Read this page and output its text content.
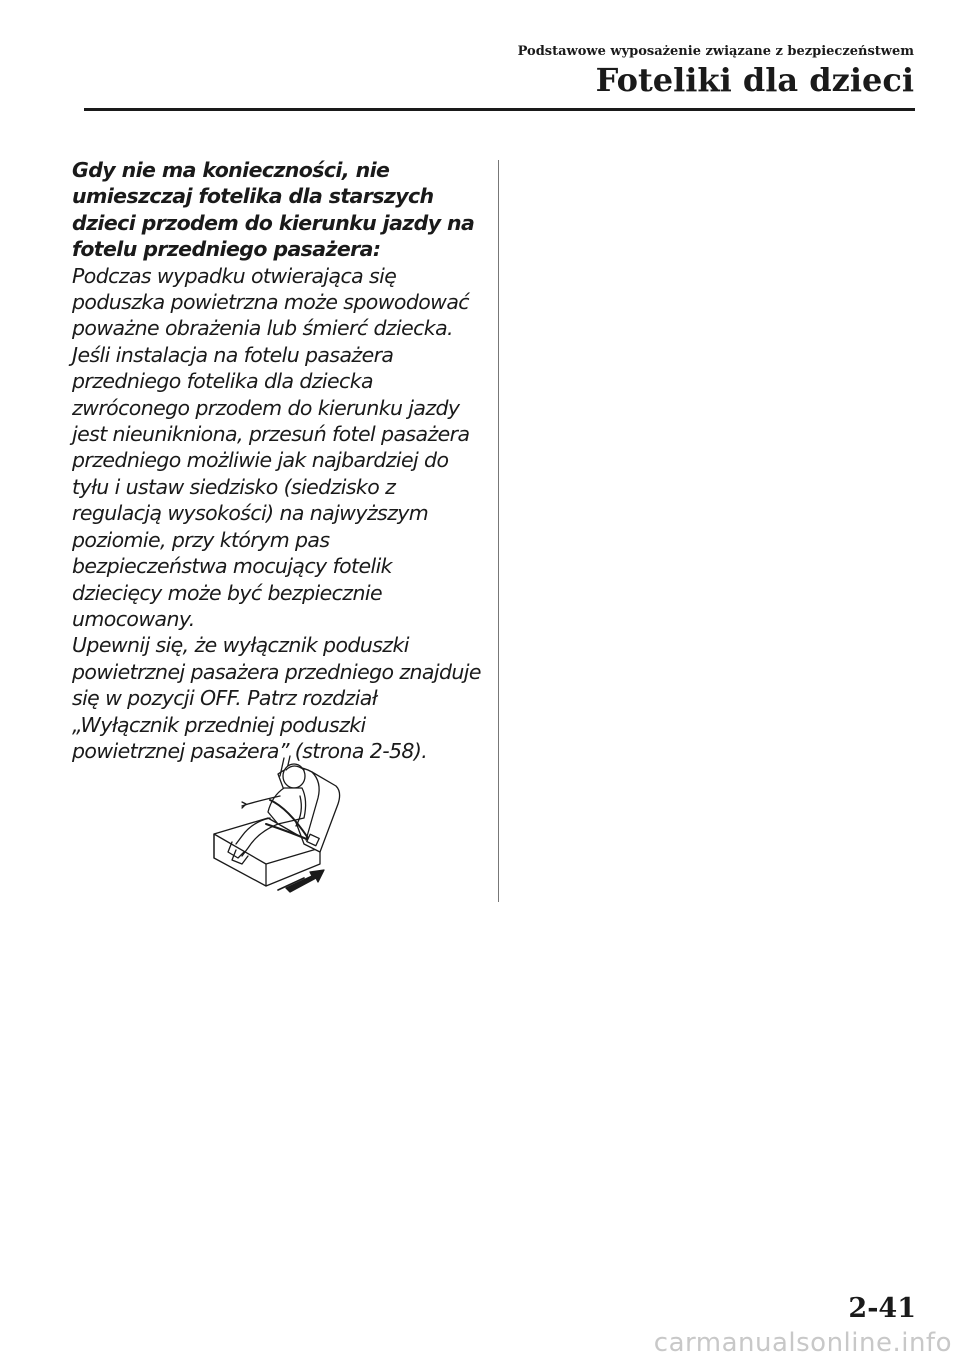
Podstawowe wyposażenie związane z bezpieczeństwem
Foteliki dla dzieci

Gdy nie ma konieczności, nie umieszczaj fotelika dla starszych dzieci przodem do kierunku jazdy na fotelu przedniego pasażera:

Podczas wypadku otwierająca się poduszka powietrzna może spowodować poważne obrażenia lub śmierć dziecka.

Jeśli instalacja na fotelu pasażera przedniego fotelika dla dziecka zwróconego przodem do kierunku jazdy jest nieunikniona, przesuń fotel pasażera przedniego możliwie jak najbardziej do tyłu i ustaw siedzisko (siedzisko z regulacją wysokości) na najwyższym poziomie, przy którym pas bezpieczeństwa mocujący fotelik dziecięcy może być bezpiecznie umocowany.

Upewnij się, że wyłącznik poduszki powietrznej pasażera przedniego znajduje się w pozycji OFF. Patrz rozdział „Wyłącznik przedniej poduszki powietrznej pasażera” (strona 2-58).

2-41
carmanualsonline.info
